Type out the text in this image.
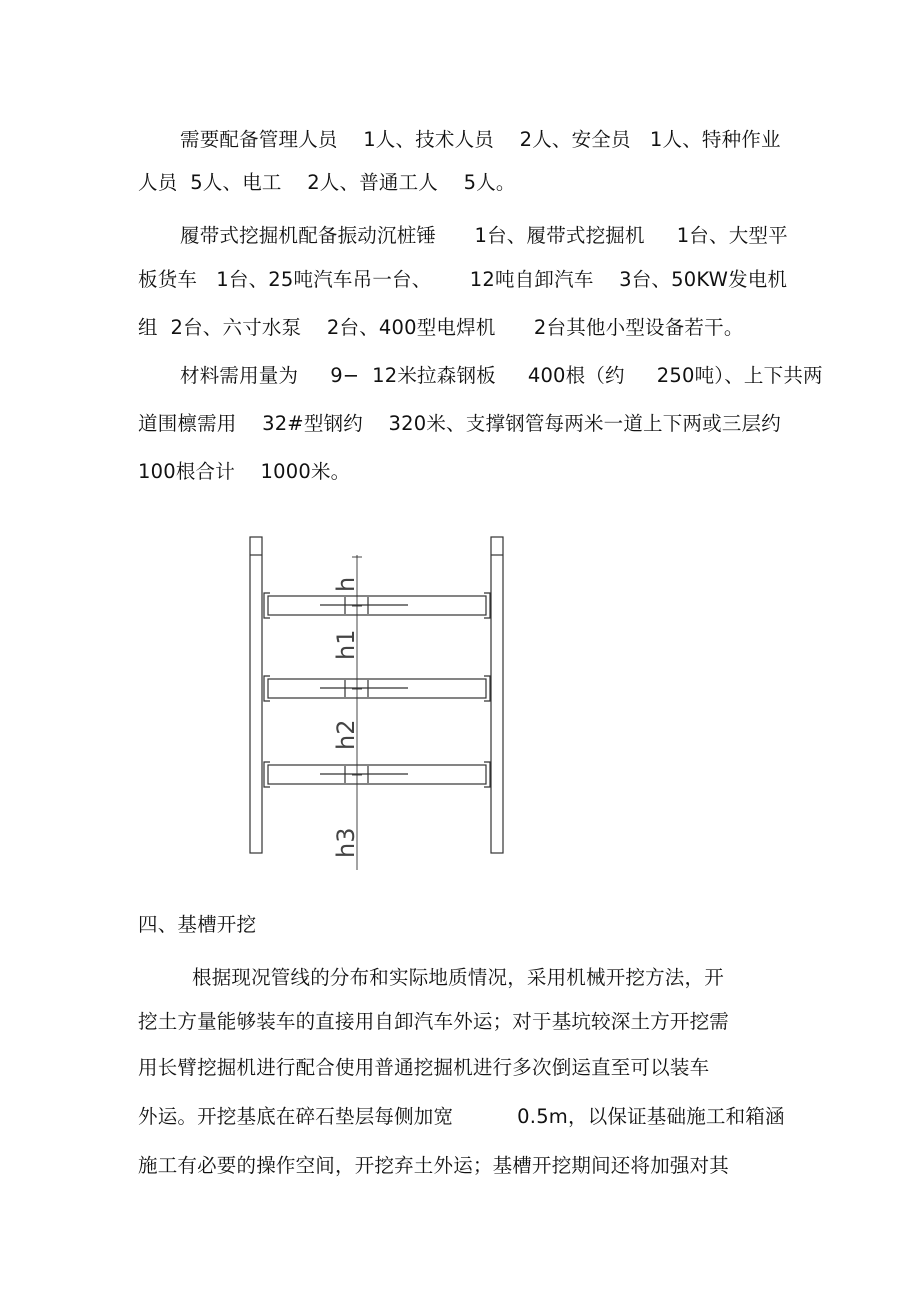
需要配备管理人员    1人、技术人员    2人、安全员   1人、特种作业
人员  5人、电工    2人、普通工人    5人。
履带式挖掘机配备振动沉桩锤      1台、履带式挖掘机     1台、大型平
板货车   1台、25吨汽车吊一台、      12吨自卸汽车    3台、50KW发电机
组  2台、六寸水泵    2台、400型电焊机      2台其他小型设备若干。
材料需用量为     9−  12米拉森钢板     400根（约     250吨）、上下共两
道围檩需用    32#型钢约    320米、支撑钢管每两米一道上下两或三层约
100根合计    1000米。
h
h1
h2
h3
四、基槽开挖
根据现况管线的分布和实际地质情况，采用机械开挖方法，开
挖土方量能够装车的直接用自卸汽车外运；对于基坑较深土方开挖需
用长臂挖掘机进行配合使用普通挖掘机进行多次倒运直至可以装车
外运。开挖基底在碎石垫层每侧加宽          0.5m，以保证基础施工和箱涵
施工有必要的操作空间，开挖弃土外运；基槽开挖期间还将加强对其
